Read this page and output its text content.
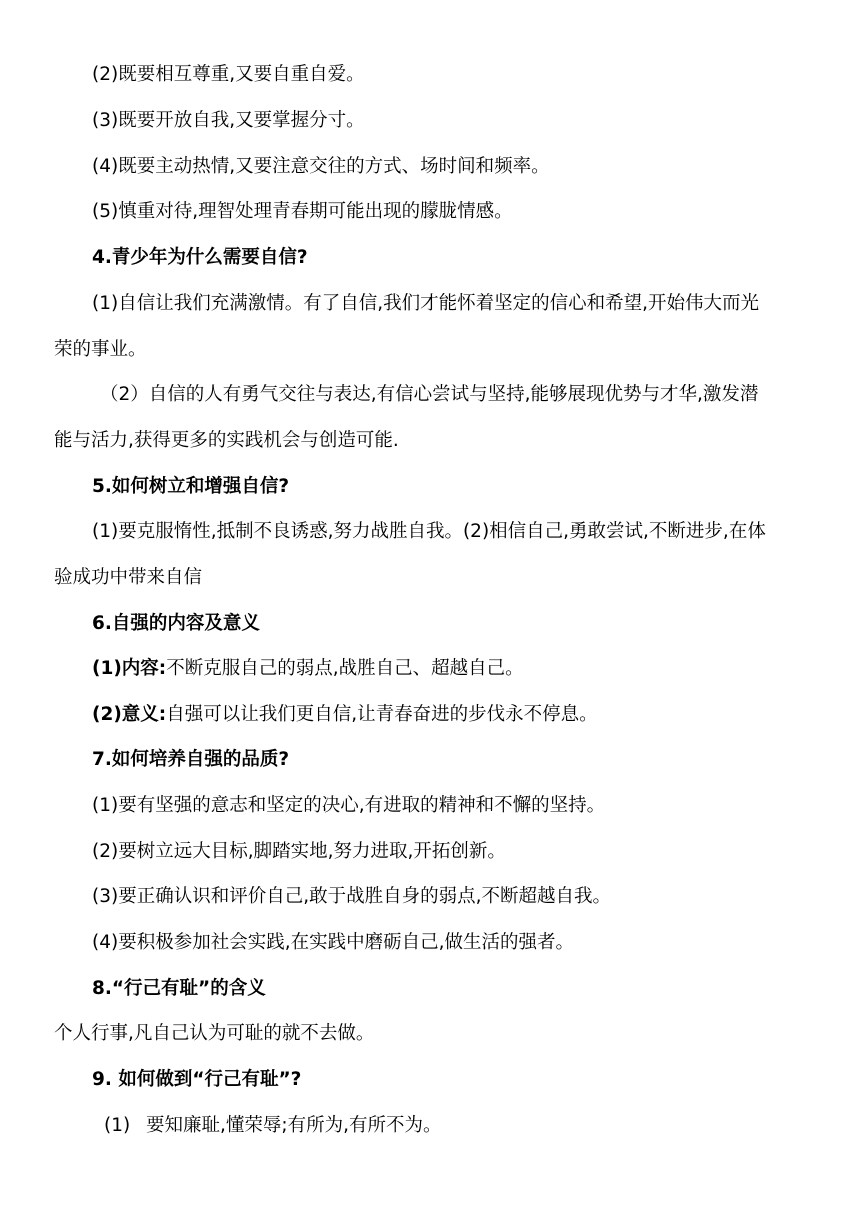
(2)既要相互尊重,又要自重自爱。
(3)既要开放自我,又要掌握分寸。
(4)既要主动热情,又要注意交往的方式、场时间和频率。
(5)慎重对待,理智处理青春期可能出现的朦胧情感。
4.青少年为什么需要自信?
(1)自信让我们充满激情。有了自信,我们才能怀着坚定的信心和希望,开始伟大而光
荣的事业。
（2）自信的人有勇气交往与表达,有信心尝试与坚持,能够展现优势与才华,激发潜
能与活力,获得更多的实践机会与创造可能.
5.如何树立和增强自信?
(1)要克服惰性,抵制不良诱惑,努力战胜自我。(2)相信自己,勇敢尝试,不断进步,在体
验成功中带来自信
6.自强的内容及意义
(1)内容:不断克服自己的弱点,战胜自己、超越自己。
(2)意义:自强可以让我们更自信,让青春奋进的步伐永不停息。
7.如何培养自强的品质?
(1)要有坚强的意志和坚定的决心,有进取的精神和不懈的坚持。
(2)要树立远大目标,脚踏实地,努力进取,开拓创新。
(3)要正确认识和评价自己,敢于战胜自身的弱点,不断超越自我。
(4)要积极参加社会实践,在实践中磨砺自己,做生活的强者。
8.“行己有耻”的含义
个人行事,凡自己认为可耻的就不去做。
9. 如何做到“行己有耻”?
(1) 要知廉耻,懂荣辱;有所为,有所不为。
